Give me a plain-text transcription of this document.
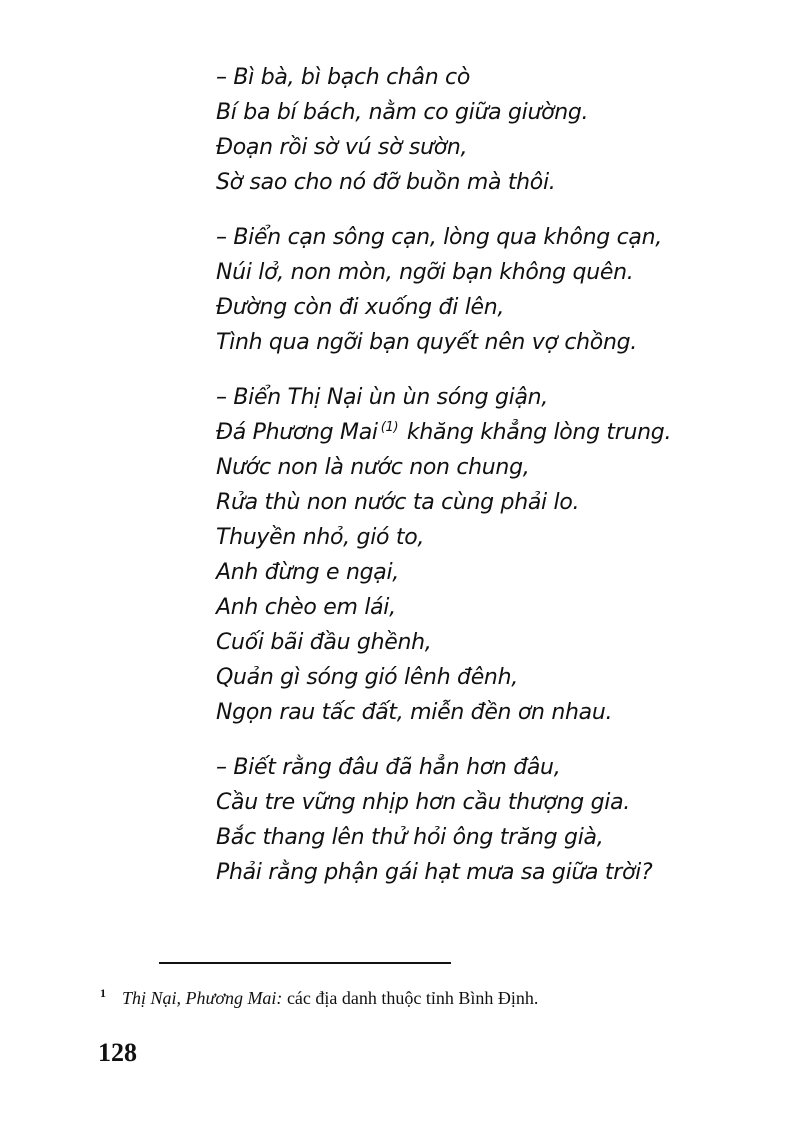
– Bì bà, bì bạch chân cò
Bí ba bí bách, nằm co giữa giường.
Đoạn rồi sờ vú sờ sườn,
Sờ sao cho nó đỡ buồn mà thôi.
– Biển cạn sông cạn, lòng qua không cạn,
Núi lở, non mòn, ngỡi bạn không quên.
Đường còn đi xuống đi lên,
Tình qua ngỡi bạn quyết nên vợ chồng.
– Biển Thị Nại ùn ùn sóng giận,
Đá Phương Mai $^{(1)}$ khăng khẳng lòng trung.
Nước non là nước non chung,
Rửa thù non nước ta cùng phải lo.
Thuyền nhỏ, gió to,
Anh đừng e ngại,
Anh chèo em lái,
Cuối bãi đầu ghềnh,
Quản gì sóng gió lênh đênh,
Ngọn rau tấc đất, miễn đền ơn nhau.
– Biết rằng đâu đã hẳn hơn đâu,
Cầu tre vững nhịp hơn cầu thượng gia.
Bắc thang lên thử hỏi ông trăng già,
Phải rằng phận gái hạt mưa sa giữa trời?
$^1$ Thị Nại, Phương Mai: các địa danh thuộc tỉnh Bình Định.
128
